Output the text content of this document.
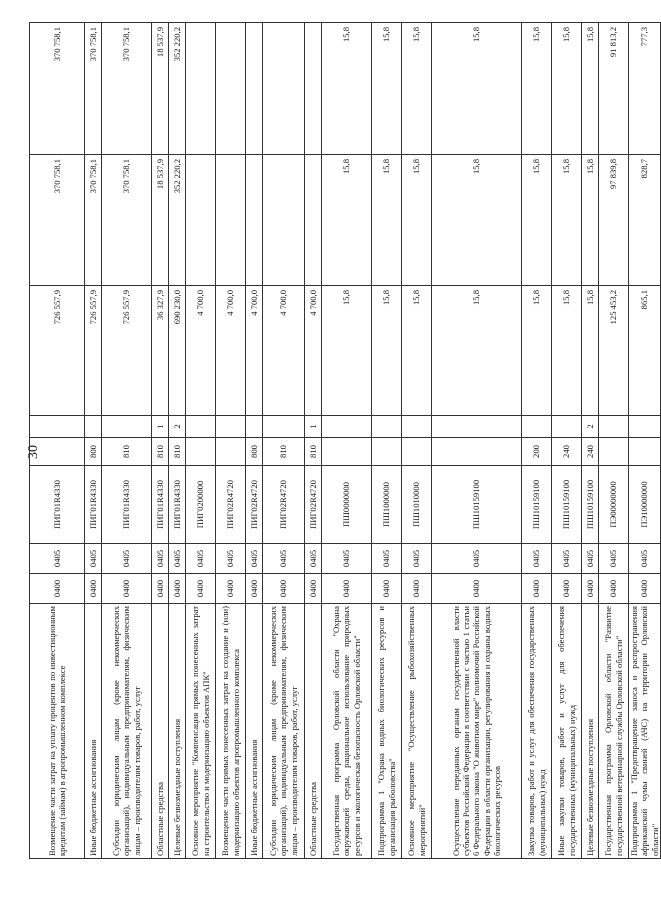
30
Возмещение части затрат на уплату процентов по инвестиционным кредитам (займам) в агропромышленном комплексе	0400	0405	ПИГ01R4330			726 557,9	370 758,1	370 758,1
Иные бюджетные ассигнования	0400	0405	ПИГ01R4330	800		726 557,9	370 758,1	370 758,1
Субсидии юридическим лицам (кроме некоммерческих организаций), индивидуальным предпринимателям, физическим лицам – производителям товаров, работ, услуг	0400	0405	ПИГ01R4330	810		726 557,9	370 758,1	370 758,1
Областные средства	0400	0405	ПИГ01R4330	810	1	36 327,9	18 537,9	18 537,9
Целевые безвозмездные поступления	0400	0405	ПИГ01R4330	810	2	690 230,0	352 220,2	352 220,2
Основное мероприятие "Компенсация прямых понесенных затрат на строительство и модернизацию объектов АПК"	0400	0405	ПИГ0200000			4 700,0		
Возмещение части прямых понесенных затрат на создание и (или) модернизацию объектов агропромышленного комплекса	0400	0405	ПИГ02R4720			4 700,0		
Иные бюджетные ассигнования	0400	0405	ПИГ02R4720	800		4 700,0		
Субсидии юридическим лицам (кроме некоммерческих организаций), индивидуальным предпринимателям, физическим лицам – производителям товаров, работ, услуг	0400	0405	ПИГ02R4720	810		4 700,0		
Областные средства	0400	0405	ПИГ02R4720	810	1	4 700,0		
Государственная программа Орловской области "Охрана окружающей среды, рациональное использование природных ресурсов и экологическая безопасность Орловской области"	0400	0405	ПШ0000000			15,8	15,8	15,8
Подпрограмма 1 "Охрана водных биологических ресурсов и организация рыболовства"	0400	0405	ПШ1000000			15,8	15,8	15,8
Основное мероприятие "Осуществление рыбохозяйственных мероприятий"	0400	0405	ПШ1010000			15,8	15,8	15,8
Осуществление переданных органам государственной власти субъектов Российской Федерации в соответствии с частью 1 статьи 6 Федерального закона "О животном мире" полномочий Российской Федерации в области организации, регулирования и охраны водных биологических ресурсов	0400	0405	ПШ10159100			15,8	15,8	15,8
Закупка товаров, работ и услуг для обеспечения государственных (муниципальных) нужд	0400	0405	ПШ10159100	200		15,8	15,8	15,8
Иные закупки товаров, работ и услуг для обеспечения государственных (муниципальных) нужд	0400	0405	ПШ10159100	240		15,8	15,8	15,8
Целевые безвозмездные поступления	0400	0405	ПШ10159100	240	2	15,8	15,8	15,8
Государственная программа Орловской области "Развитие государственной ветеринарной службы Орловской области"	0400	0405	ПЭ00000000			125 453,2	97 839,8	91 813,2
Подпрограмма 1 "Предотвращение заноса и распространения африканской чумы свиней (АЧС) на территории Орловской области"	0400	0405	ПЭ10000000			865,1	828,7	777,3
